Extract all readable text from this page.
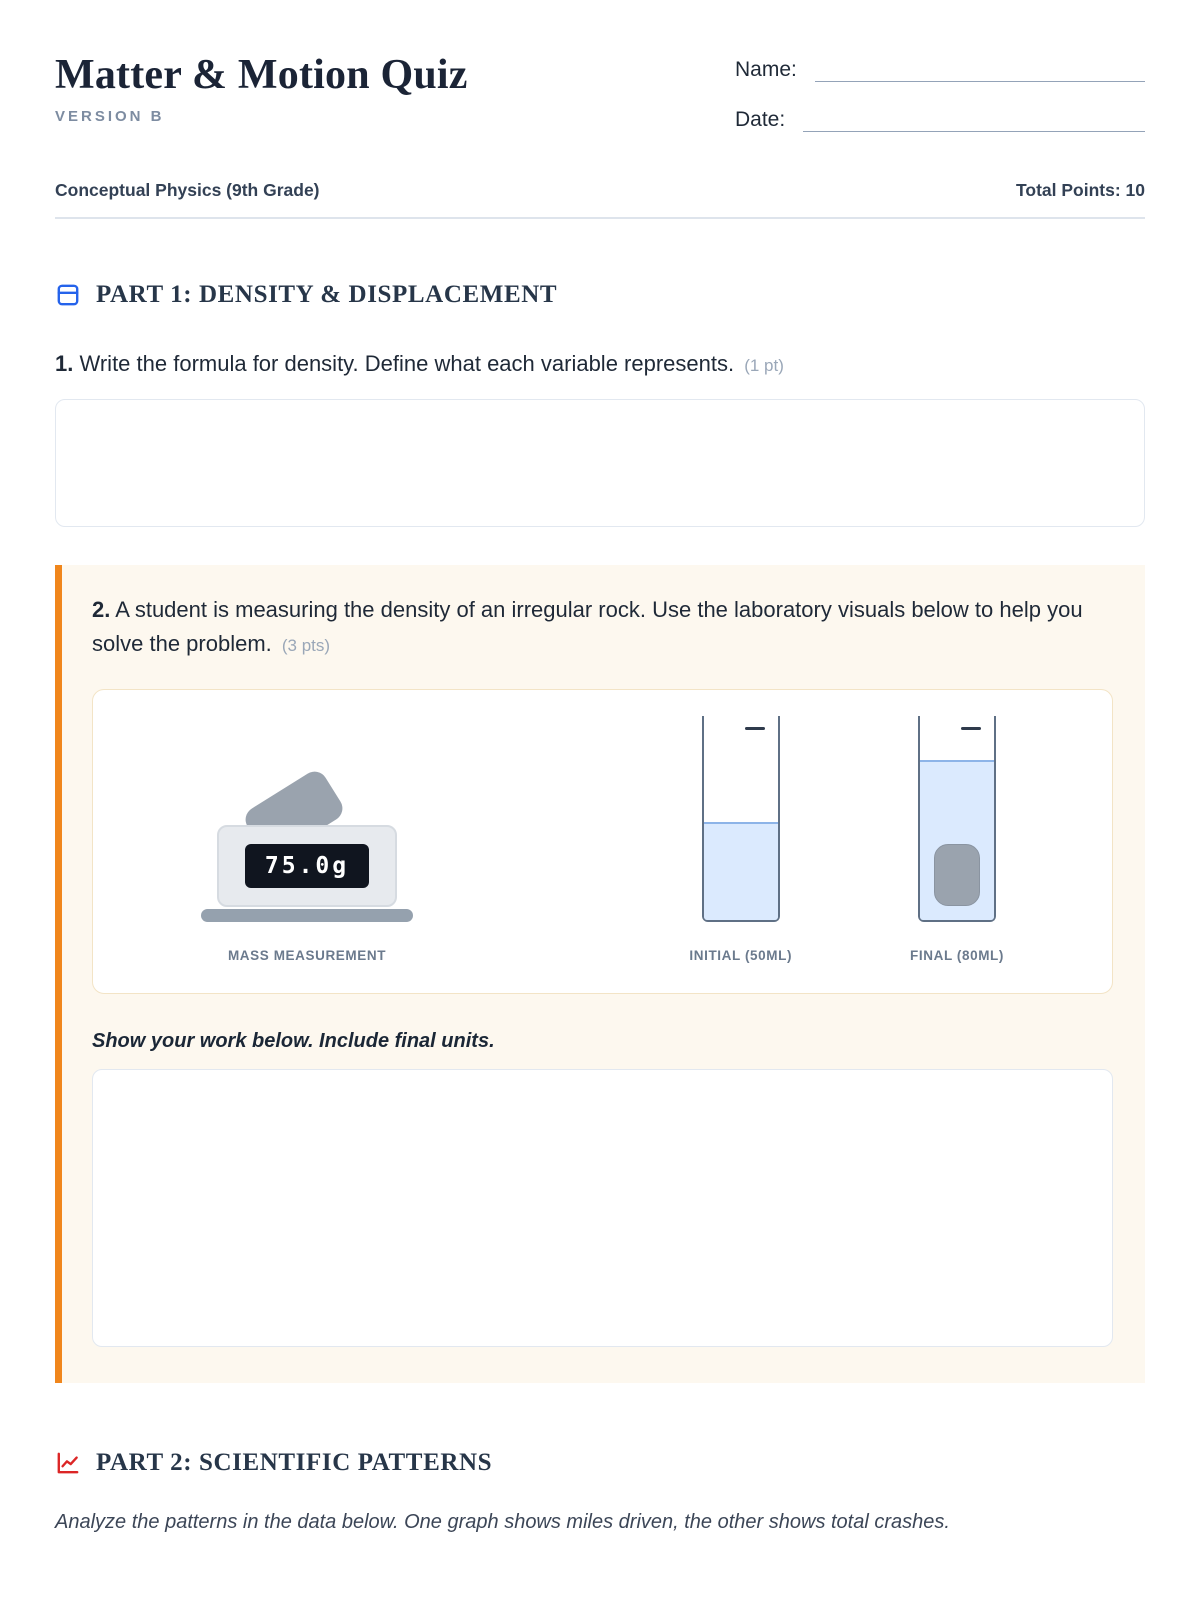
Matter & Motion Quiz
VERSION B
Name:
Date:
Conceptual Physics (9th Grade)	Total Points: 10
PART 1: DENSITY & DISPLACEMENT

1. Write the formula for density. Define what each variable represents. (1 pt)

2. A student is measuring the density of an irregular rock. Use the laboratory visuals below to help you solve the problem. (3 pts)

75.0g
MASS MEASUREMENT	INITIAL (50ML)	FINAL (80ML)

Show your work below. Include final units.

PART 2: SCIENTIFIC PATTERNS

Analyze the patterns in the data below. One graph shows miles driven, the other shows total crashes.
